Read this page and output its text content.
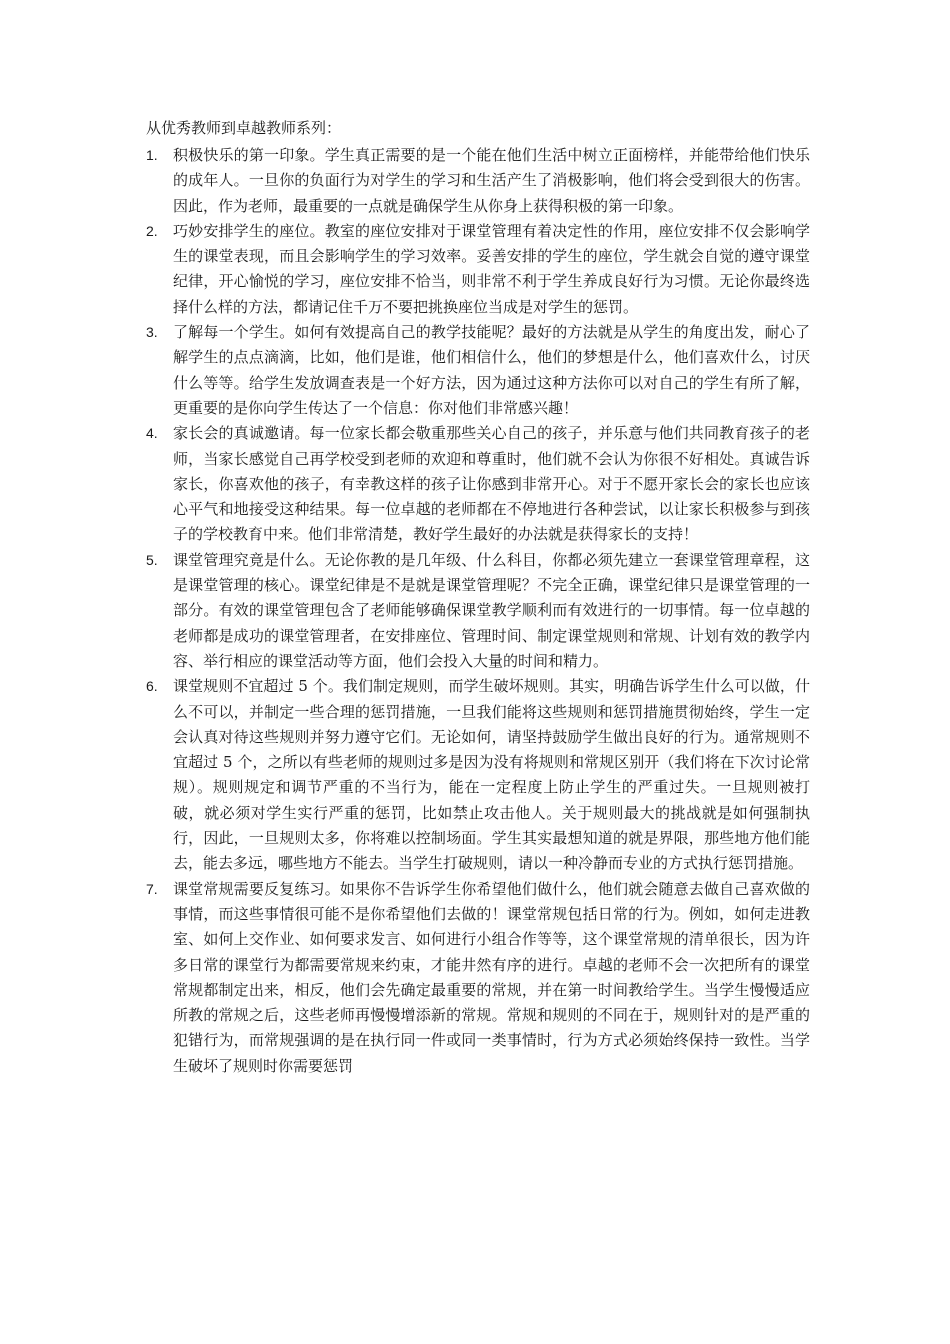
从优秀教师到卓越教师系列：
1.	积极快乐的第一印象。学生真正需要的是一个能在他们生活中树立正面榜样，并能带给他们快乐的成年人。一旦你的负面行为对学生的学习和生活产生了消极影响，他们将会受到很大的伤害。因此，作为老师，最重要的一点就是确保学生从你身上获得积极的第一印象。
2.	巧妙安排学生的座位。教室的座位安排对于课堂管理有着决定性的作用，座位安排不仅会影响学生的课堂表现，而且会影响学生的学习效率。妥善安排的学生的座位，学生就会自觉的遵守课堂纪律，开心愉悦的学习，座位安排不恰当，则非常不利于学生养成良好行为习惯。无论你最终选择什么样的方法，都请记住千万不要把挑换座位当成是对学生的惩罚。
3.	了解每一个学生。如何有效提高自己的教学技能呢？最好的方法就是从学生的角度出发，耐心了解学生的点点滴滴，比如，他们是谁，他们相信什么，他们的梦想是什么，他们喜欢什么，讨厌什么等等。给学生发放调查表是一个好方法，因为通过这种方法你可以对自己的学生有所了解，更重要的是你向学生传达了一个信息：你对他们非常感兴趣！
4.	家长会的真诚邀请。每一位家长都会敬重那些关心自己的孩子，并乐意与他们共同教育孩子的老师，当家长感觉自己再学校受到老师的欢迎和尊重时，他们就不会认为你很不好相处。真诚告诉家长，你喜欢他的孩子，有幸教这样的孩子让你感到非常开心。对于不愿开家长会的家长也应该心平气和地接受这种结果。每一位卓越的老师都在不停地进行各种尝试，以让家长积极参与到孩子的学校教育中来。他们非常清楚，教好学生最好的办法就是获得家长的支持！
5.	课堂管理究竟是什么。无论你教的是几年级、什么科目，你都必须先建立一套课堂管理章程，这是课堂管理的核心。课堂纪律是不是就是课堂管理呢？不完全正确，课堂纪律只是课堂管理的一部分。有效的课堂管理包含了老师能够确保课堂教学顺利而有效进行的一切事情。每一位卓越的老师都是成功的课堂管理者，在安排座位、管理时间、制定课堂规则和常规、计划有效的教学内容、举行相应的课堂活动等方面，他们会投入大量的时间和精力。
6.	课堂规则不宜超过 5 个。我们制定规则，而学生破坏规则。其实，明确告诉学生什么可以做，什么不可以，并制定一些合理的惩罚措施，一旦我们能将这些规则和惩罚措施贯彻始终，学生一定会认真对待这些规则并努力遵守它们。无论如何，请坚持鼓励学生做出良好的行为。通常规则不宜超过 5 个，之所以有些老师的规则过多是因为没有将规则和常规区别开（我们将在下次讨论常规）。规则规定和调节严重的不当行为，能在一定程度上防止学生的严重过失。一旦规则被打破，就必须对学生实行严重的惩罚，比如禁止攻击他人。关于规则最大的挑战就是如何强制执行，因此，一旦规则太多，你将难以控制场面。学生其实最想知道的就是界限，那些地方他们能去，能去多远，哪些地方不能去。当学生打破规则，请以一种冷静而专业的方式执行惩罚措施。
7.	课堂常规需要反复练习。如果你不告诉学生你希望他们做什么，他们就会随意去做自己喜欢做的事情，而这些事情很可能不是你希望他们去做的！课堂常规包括日常的行为。例如，如何走进教室、如何上交作业、如何要求发言、如何进行小组合作等等，这个课堂常规的清单很长，因为许多日常的课堂行为都需要常规来约束，才能井然有序的进行。卓越的老师不会一次把所有的课堂常规都制定出来，相反，他们会先确定最重要的常规，并在第一时间教给学生。当学生慢慢适应所教的常规之后，这些老师再慢慢增添新的常规。常规和规则的不同在于，规则针对的是严重的犯错行为，而常规强调的是在执行同一件或同一类事情时，行为方式必须始终保持一致性。当学生破坏了规则时你需要惩罚
